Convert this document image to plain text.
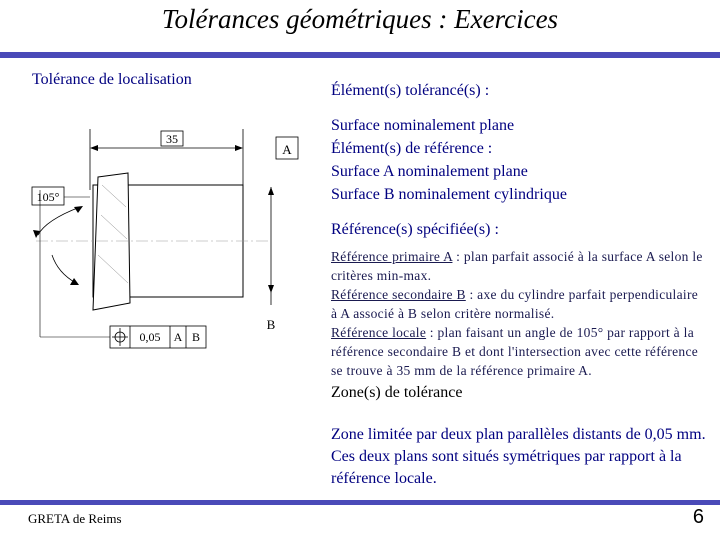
Tolérances géométriques : Exercices
Tolérance de localisation
35
A
105°
B
0,05 A B
Élément(s) tolérancé(s) :
Surface nominalement plane
Élément(s) de référence :
Surface A nominalement plane
Surface B nominalement cylindrique
Référence(s) spécifiée(s) :
Référence primaire A : plan parfait associé à la surface A selon le critères min-max.
Référence secondaire B : axe du cylindre parfait perpendiculaire à A associé à B selon critère normalisé.
Référence locale : plan faisant un angle de 105° par rapport à la référence secondaire B et dont l'intersection avec cette référence se trouve à 35 mm de la référence primaire A.
Zone(s) de tolérance
Zone limitée par deux plan parallèles distants de 0,05 mm. Ces deux plans sont situés symétriques par rapport à la référence locale.
GRETA de Reims	6
